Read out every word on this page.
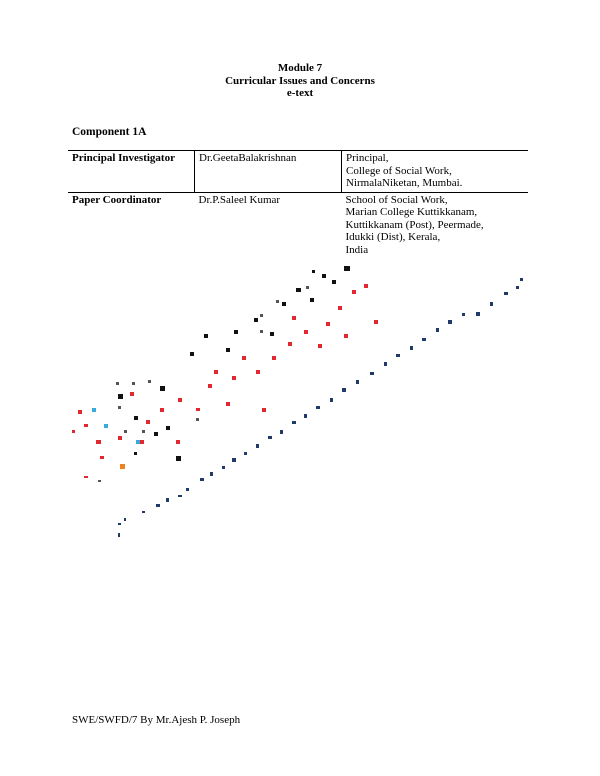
Module 7
Curricular Issues and Concerns
e-text
Component 1A
Principal Investigator	Dr.GeetaBalakrishnan	Principal,
College of Social Work,
NirmalaNiketan, Mumbai.

Paper Coordinator	Dr.P.Saleel Kumar	School of Social Work,
Marian College Kuttikkanam,
Kuttikkanam (Post), Peermade,
Idukki (Dist), Kerala,
India
SWE/SWFD/7 By Mr.Ajesh P. Joseph
